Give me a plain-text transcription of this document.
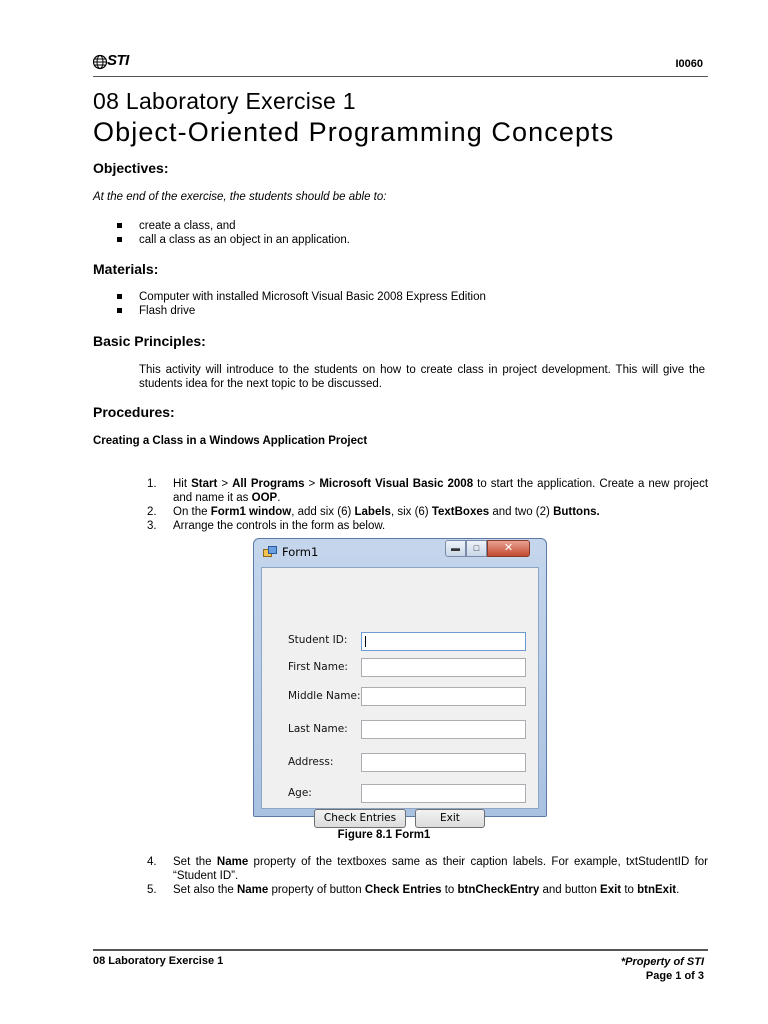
STI	I0060
08 Laboratory Exercise 1
Object-Oriented Programming Concepts
Objectives:
At the end of the exercise, the students should be able to:
create a class, and
call a class as an object in an application.
Materials:
Computer with installed Microsoft Visual Basic 2008 Express Edition
Flash drive
Basic Principles:
This activity will introduce to the students on how to create class in project development. This will give the students idea for the next topic to be discussed.
Procedures:
Creating a Class in a Windows Application Project
1. Hit Start > All Programs > Microsoft Visual Basic 2008 to start the application. Create a new project and name it as OOP.
2. On the Form1 window, add six (6) Labels, six (6) TextBoxes and two (2) Buttons.
3. Arrange the controls in the form as below.
Form1	▬	□	✕
Student ID:
First Name:
Middle Name:
Last Name:
Address:
Age:
Check Entries	Exit
Figure 8.1 Form1
4. Set the Name property of the textboxes same as their caption labels. For example, txtStudentID for “Student ID”.
5. Set also the Name property of button Check Entries to btnCheckEntry and button Exit to btnExit.
08 Laboratory Exercise 1	*Property of STI
Page 1 of 3
